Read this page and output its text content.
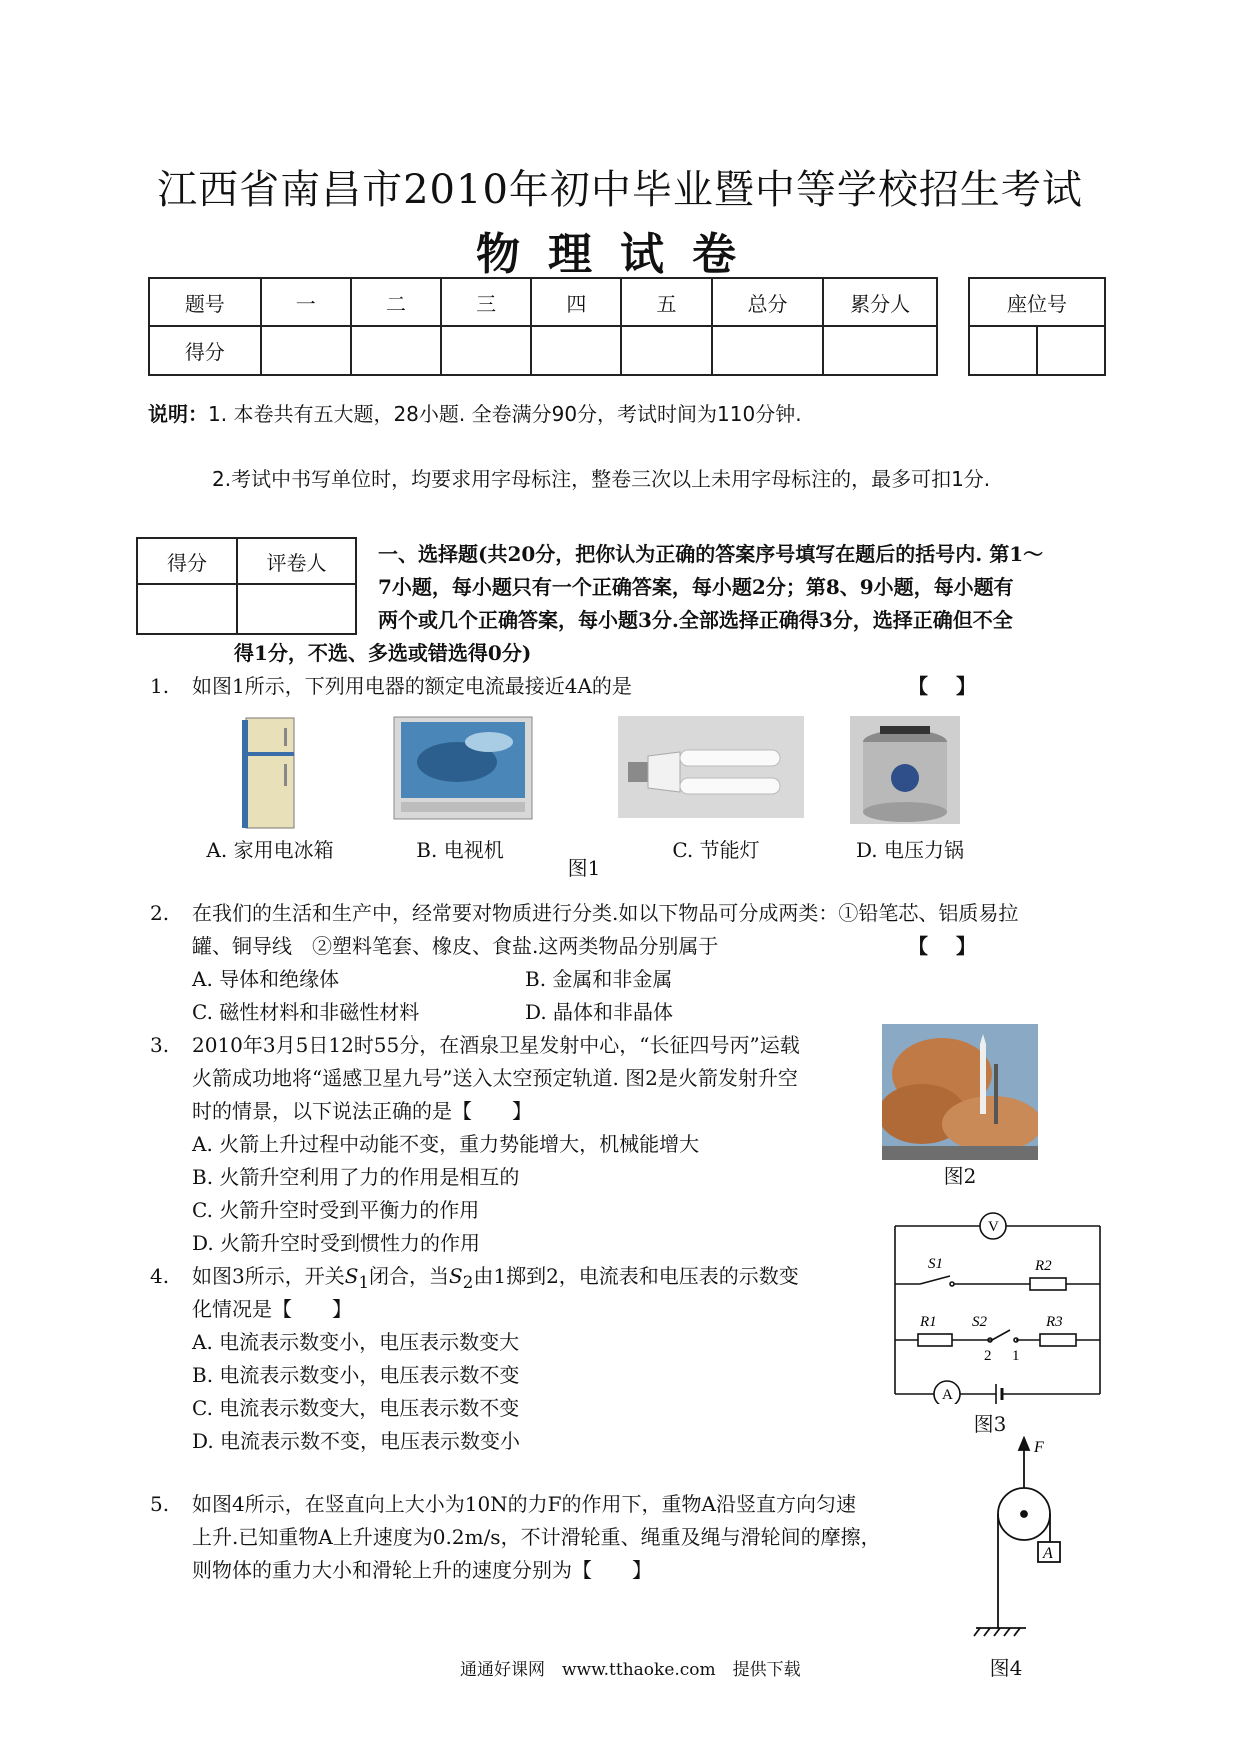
江西省南昌市2010年初中毕业暨中等学校招生考试
物理试卷
题号	一	二	三	四	五	总分	累分人
得分							
座位号

说明：1. 本卷共有五大题，28小题. 全卷满分90分，考试时间为110分钟.
2.考试中书写单位时，均要求用字母标注，整卷三次以上未用字母标注的，最多可扣1分.
得分	评卷人
		一、选择题(共20分，把你认为正确的答案序号填写在题后的括号内. 第1～
7小题，每小题只有一个正确答案，每小题2分；第8、9小题，每小题有
两个或几个正确答案，每小题3分.全部选择正确得3分，选择正确但不全
得1分，不选、多选或错选得0分)
1. 如图1所示，下列用电器的额定电流最接近4A的是	【】
A. 家用电冰箱	B. 电视机	C. 节能灯	D. 电压力锅
图1
2. 在我们的生活和生产中，经常要对物质进行分类.如以下物品可分成两类：①铅笔芯、铝质易拉
罐、铜导线　②塑料笔套、橡皮、食盐.这两类物品分别属于	【】
A. 导体和绝缘体	B. 金属和非金属
C. 磁性材料和非磁性材料	D. 晶体和非晶体
3. 2010年3月5日12时55分，在酒泉卫星发射中心，“长征四号丙”运载
火箭成功地将“遥感卫星九号”送入太空预定轨道. 图2是火箭发射升空
时的情景，以下说法正确的是【　　】
A. 火箭上升过程中动能不变，重力势能增大，机械能增大
B. 火箭升空利用了力的作用是相互的
C. 火箭升空时受到平衡力的作用
D. 火箭升空时受到惯性力的作用
图2
4. 如图3所示，开关$S_1$闭合，当$S_2$由1掷到2，电流表和电压表的示数变
化情况是【　　】
A. 电流表示数变小，电压表示数变大
B. 电流表示数变小，电压表示数不变
C. 电流表示数变大，电压表示数不变
D. 电流表示数不变，电压表示数变小
V
A
S1	R2
R1 S2	R3
2 1
图3
5. 如图4所示，在竖直向上大小为10N的力F的作用下，重物A沿竖直方向匀速
上升.已知重物A上升速度为0.2m/s，不计滑轮重、绳重及绳与滑轮间的摩擦，
则物体的重力大小和滑轮上升的速度分别为【　　】
F
A
通通好课网　www.tthaoke.com　提供下载	图4
